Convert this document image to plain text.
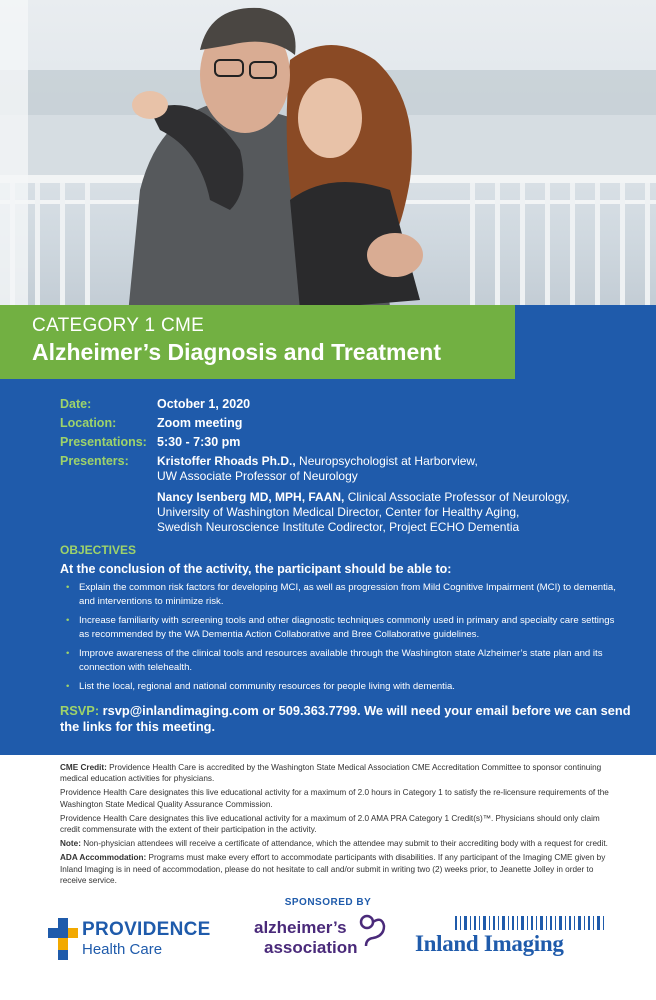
CATEGORY 1 CME
Alzheimer’s Diagnosis and Treatment
Date:	October 1, 2020
Location:	Zoom meeting
Presentations: 5:30 - 7:30 pm
Presenters:	Kristoffer Rhoads Ph.D., Neuropsychologist at Harborview,
UW Associate Professor of Neurology
Nancy Isenberg MD, MPH, FAAN, Clinical Associate Professor of Neurology,
University of Washington Medical Director, Center for Healthy Aging,
Swedish Neuroscience Institute Codirector, Project ECHO Dementia
OBJECTIVES
At the conclusion of the activity, the participant should be able to:
• Explain the common risk factors for developing MCI, as well as progression from Mild Cognitive Impairment (MCI) to dementia, and interventions to minimize risk.
• Increase familiarity with screening tools and other diagnostic techniques commonly used in primary and specialty care settings as recommended by the WA Dementia Action Collaborative and Bree Collaborative guidelines.
• Improve awareness of the clinical tools and resources available through the Washington state Alzheimer’s state plan and its connection with telehealth.
• List the local, regional and national community resources for people living with dementia.
RSVP: rsvp@inlandimaging.com or 509.363.7799. We will need your email before we can send the links for this meeting.

CME Credit: Providence Health Care is accredited by the Washington State Medical Association CME Accreditation Committee to sponsor continuing medical education activities for physicians.

Providence Health Care designates this live educational activity for a maximum of 2.0 hours in Category 1 to satisfy the re-licensure requirements of the Washington State Medical Quality Assurance Commission.

Providence Health Care designates this live educational activity for a maximum of 2.0 AMA PRA Category 1 Credit(s)™. Physicians should only claim credit commensurate with the extent of their participation in the activity.

Note: Non-physician attendees will receive a certificate of attendance, which the attendee may submit to their accrediting body with a request for credit.

ADA Accommodation: Programs must make every effort to accommodate participants with disabilities. If any participant of the Imaging CME given by Inland Imaging is in need of accommodation, please do not hesitate to call and/or submit in writing two (2) weeks prior, to Jeanette Jolley in order to receive service.

SPONSORED BY
PROVIDENCE
Health Care
alzheimer’s
association Inland Imaging
